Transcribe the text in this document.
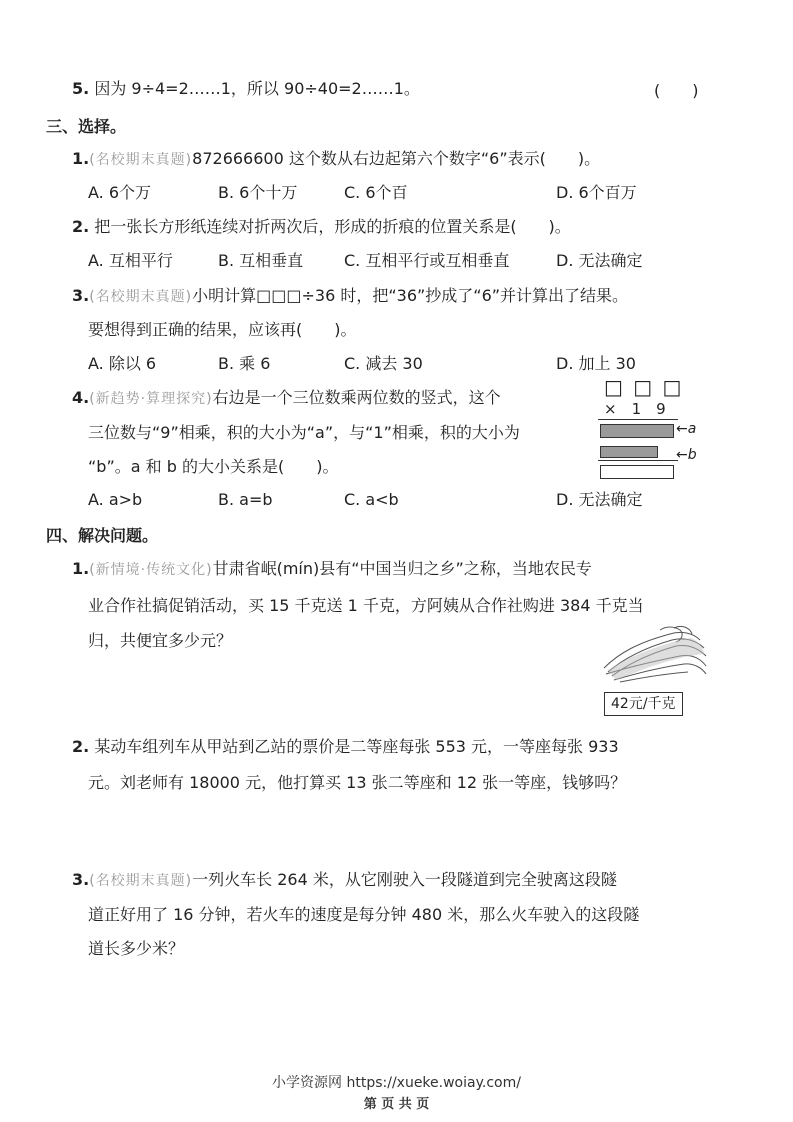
5. 因为 9÷4=2……1，所以 90÷40=2……1。	(　　)
三、选择。
1.(名校期末真题)872666600 这个数从右边起第六个数字“6”表示(　　)。
A. 6个万	B. 6个十万	C. 6个百	D. 6个百万
2. 把一张长方形纸连续对折两次后，形成的折痕的位置关系是(　　)。
A. 互相平行	B. 互相垂直	C. 互相平行或互相垂直	D. 无法确定
3.(名校期末真题)小明计算□□□÷36 时，把“36”抄成了“6”并计算出了结果。
要想得到正确的结果，应该再(　　)。
A. 除以 6	B. 乘 6	C. 减去 30	D. 加上 30
4.(新趋势·算理探究)右边是一个三位数乘两位数的竖式，这个
三位数与“9”相乘，积的大小为“a”，与“1”相乘，积的大小为
“b”。a 和 b 的大小关系是(　　)。
A. a>b	B. a=b	C. a<b	D. 无法确定
□ □ □
×　1　9
←a
←b
四、解决问题。
1.(新情境·传统文化)甘肃省岷(mín)县有“中国当归之乡”之称，当地农民专
业合作社搞促销活动，买 15 千克送 1 千克，方阿姨从合作社购进 384 千克当
归，共便宜多少元？
42元/千克
2. 某动车组列车从甲站到乙站的票价是二等座每张 553 元，一等座每张 933
元。刘老师有 18000 元，他打算买 13 张二等座和 12 张一等座，钱够吗？
3.(名校期末真题)一列火车长 264 米，从它刚驶入一段隧道到完全驶离这段隧
道正好用了 16 分钟，若火车的速度是每分钟 480 米，那么火车驶入的这段隧
道长多少米？
小学资源网 https://xueke.woiay.com/
第 页 共 页
